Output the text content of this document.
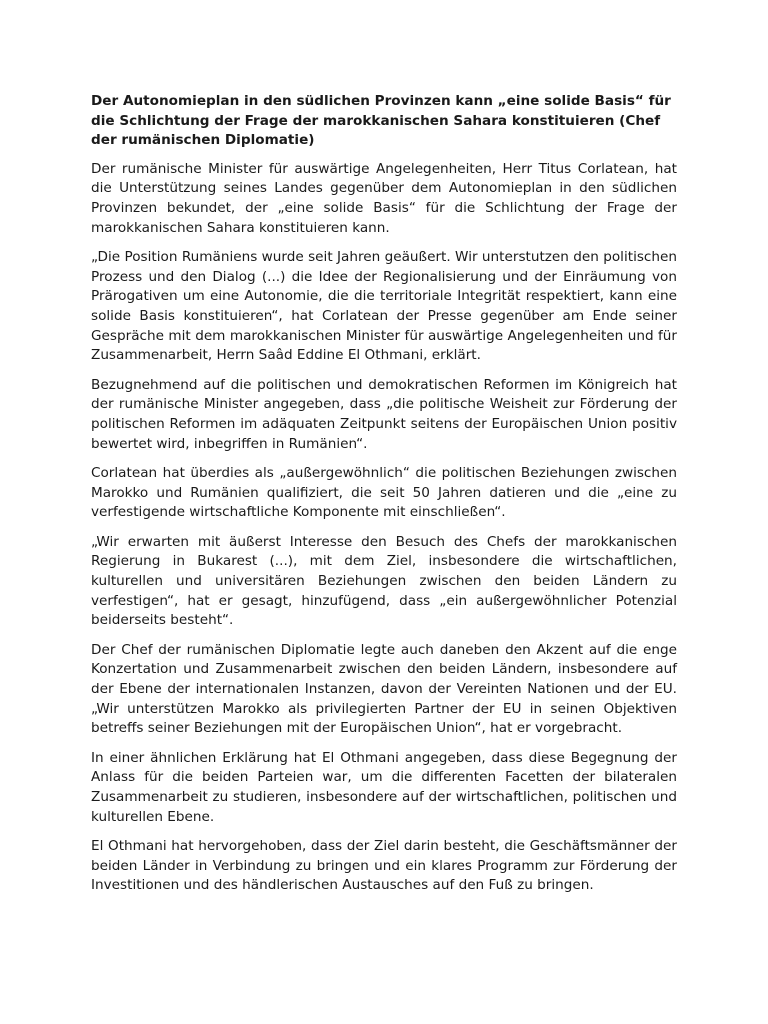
Der Autonomieplan in den südlichen Provinzen kann „eine solide Basis“ für die Schlichtung der Frage der marokkanischen Sahara konstituieren (Chef der rumänischen Diplomatie)

Der rumänische Minister für auswärtige Angelegenheiten, Herr Titus Corlatean, hat die Unterstützung seines Landes gegenüber dem Autonomieplan in den südlichen Provinzen bekundet, der „eine solide Basis“ für die Schlichtung der Frage der marokkanischen Sahara konstituieren kann.

„Die Position Rumäniens wurde seit Jahren geäußert. Wir unterstutzen den politischen Prozess und den Dialog (...) die Idee der Regionalisierung und der Einräumung von Prärogativen um eine Autonomie, die die territoriale Integrität respektiert, kann eine solide Basis konstituieren“, hat Corlatean der Presse gegenüber am Ende seiner Gespräche mit dem marokkanischen Minister für auswärtige Angelegenheiten und für Zusammenarbeit, Herrn Saâd Eddine El Othmani, erklärt.

Bezugnehmend auf die politischen und demokratischen Reformen im Königreich hat der rumänische Minister angegeben, dass „die politische Weisheit zur Förderung der politischen Reformen im adäquaten Zeitpunkt seitens der Europäischen Union positiv bewertet wird, inbegriffen in Rumänien“.

Corlatean hat überdies als „außergewöhnlich“ die politischen Beziehungen zwischen Marokko und Rumänien qualifiziert, die seit 50 Jahren datieren und die „eine zu verfestigende wirtschaftliche Komponente mit einschließen“.

„Wir erwarten mit äußerst Interesse den Besuch des Chefs der marokkanischen Regierung in Bukarest (...), mit dem Ziel, insbesondere die wirtschaftlichen, kulturellen und universitären Beziehungen zwischen den beiden Ländern zu verfestigen“, hat er gesagt, hinzufügend, dass „ein außergewöhnlicher Potenzial beiderseits besteht“.

Der Chef der rumänischen Diplomatie legte auch daneben den Akzent auf die enge Konzertation und Zusammenarbeit zwischen den beiden Ländern, insbesondere auf der Ebene der internationalen Instanzen, davon der Vereinten Nationen und der EU. „Wir unterstützen Marokko als privilegierten Partner der EU in seinen Objektiven betreffs seiner Beziehungen mit der Europäischen Union“, hat er vorgebracht.

In einer ähnlichen Erklärung hat El Othmani angegeben, dass diese Begegnung der Anlass für die beiden Parteien war, um die differenten Facetten der bilateralen Zusammenarbeit zu studieren, insbesondere auf der wirtschaftlichen, politischen und kulturellen Ebene.

El Othmani hat hervorgehoben, dass der Ziel darin besteht, die Geschäftsmänner der beiden Länder in Verbindung zu bringen und ein klares Programm zur Förderung der Investitionen und des händlerischen Austausches auf den Fuß zu bringen.
